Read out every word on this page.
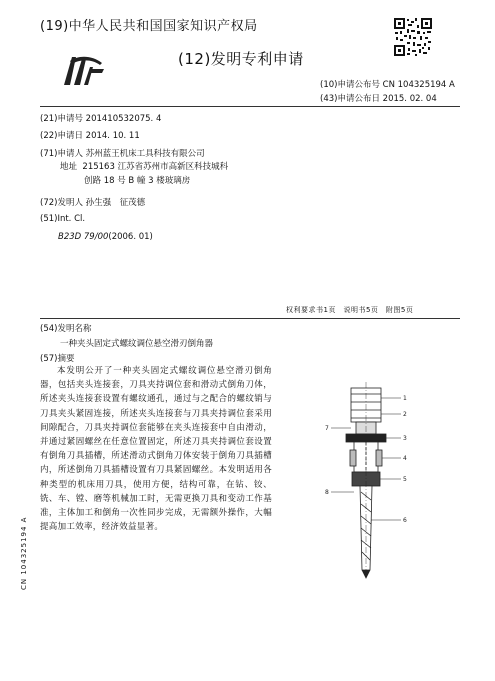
(19)中华人民共和国国家知识产权局
(12)发明专利申请
(10)申请公布号 CN 104325194 A
(43)申请公布日 2015. 02. 04
(21)申请号 201410532075. 4
(22)申请日 2014. 10. 11
(71)申请人 苏州蓝王机床工具科技有限公司
地址 215163 江苏省苏州市高新区科技城科
创路 18 号 B 幢 3 楼玻璃房
(72)发明人 孙生强　征茂德
(51)Int. Cl.
B23D 79/00(2006. 01)
权利要求书1页　说明书5页　附图5页
(54)发明名称
一种夹头固定式螺纹调位悬空滑刃倒角器
(57)摘要
本发明公开了一种夹头固定式螺纹调位悬空滑刃倒角器，包括夹头连接套，刀具夹持调位套和滑动式倒角刀体，所述夹头连接套设置有螺纹通孔，通过与之配合的螺纹销与刀具夹头紧固连接，所述夹头连接套与刀具夹持调位套采用间隙配合，刀具夹持调位套能够在夹头连接套中自由滑动，并通过紧固螺丝在任意位置固定，所述刀具夹持调位套设置有倒角刀具插槽，所述滑动式倒角刀体安装于倒角刀具插槽内，所述倒角刀具插槽设置有刀具紧固螺丝。本发明适用各种类型的机床用刀具，使用方便，结构可靠，在钻、铰、铣、车、镗、磨等机械加工时，无需更换刀具和变动工作基准，主体加工和倒角一次性同步完成，无需额外操作，大幅提高加工效率，经济效益显著。
1
2
3
4
5
6
7
8
CN 104325194 A
